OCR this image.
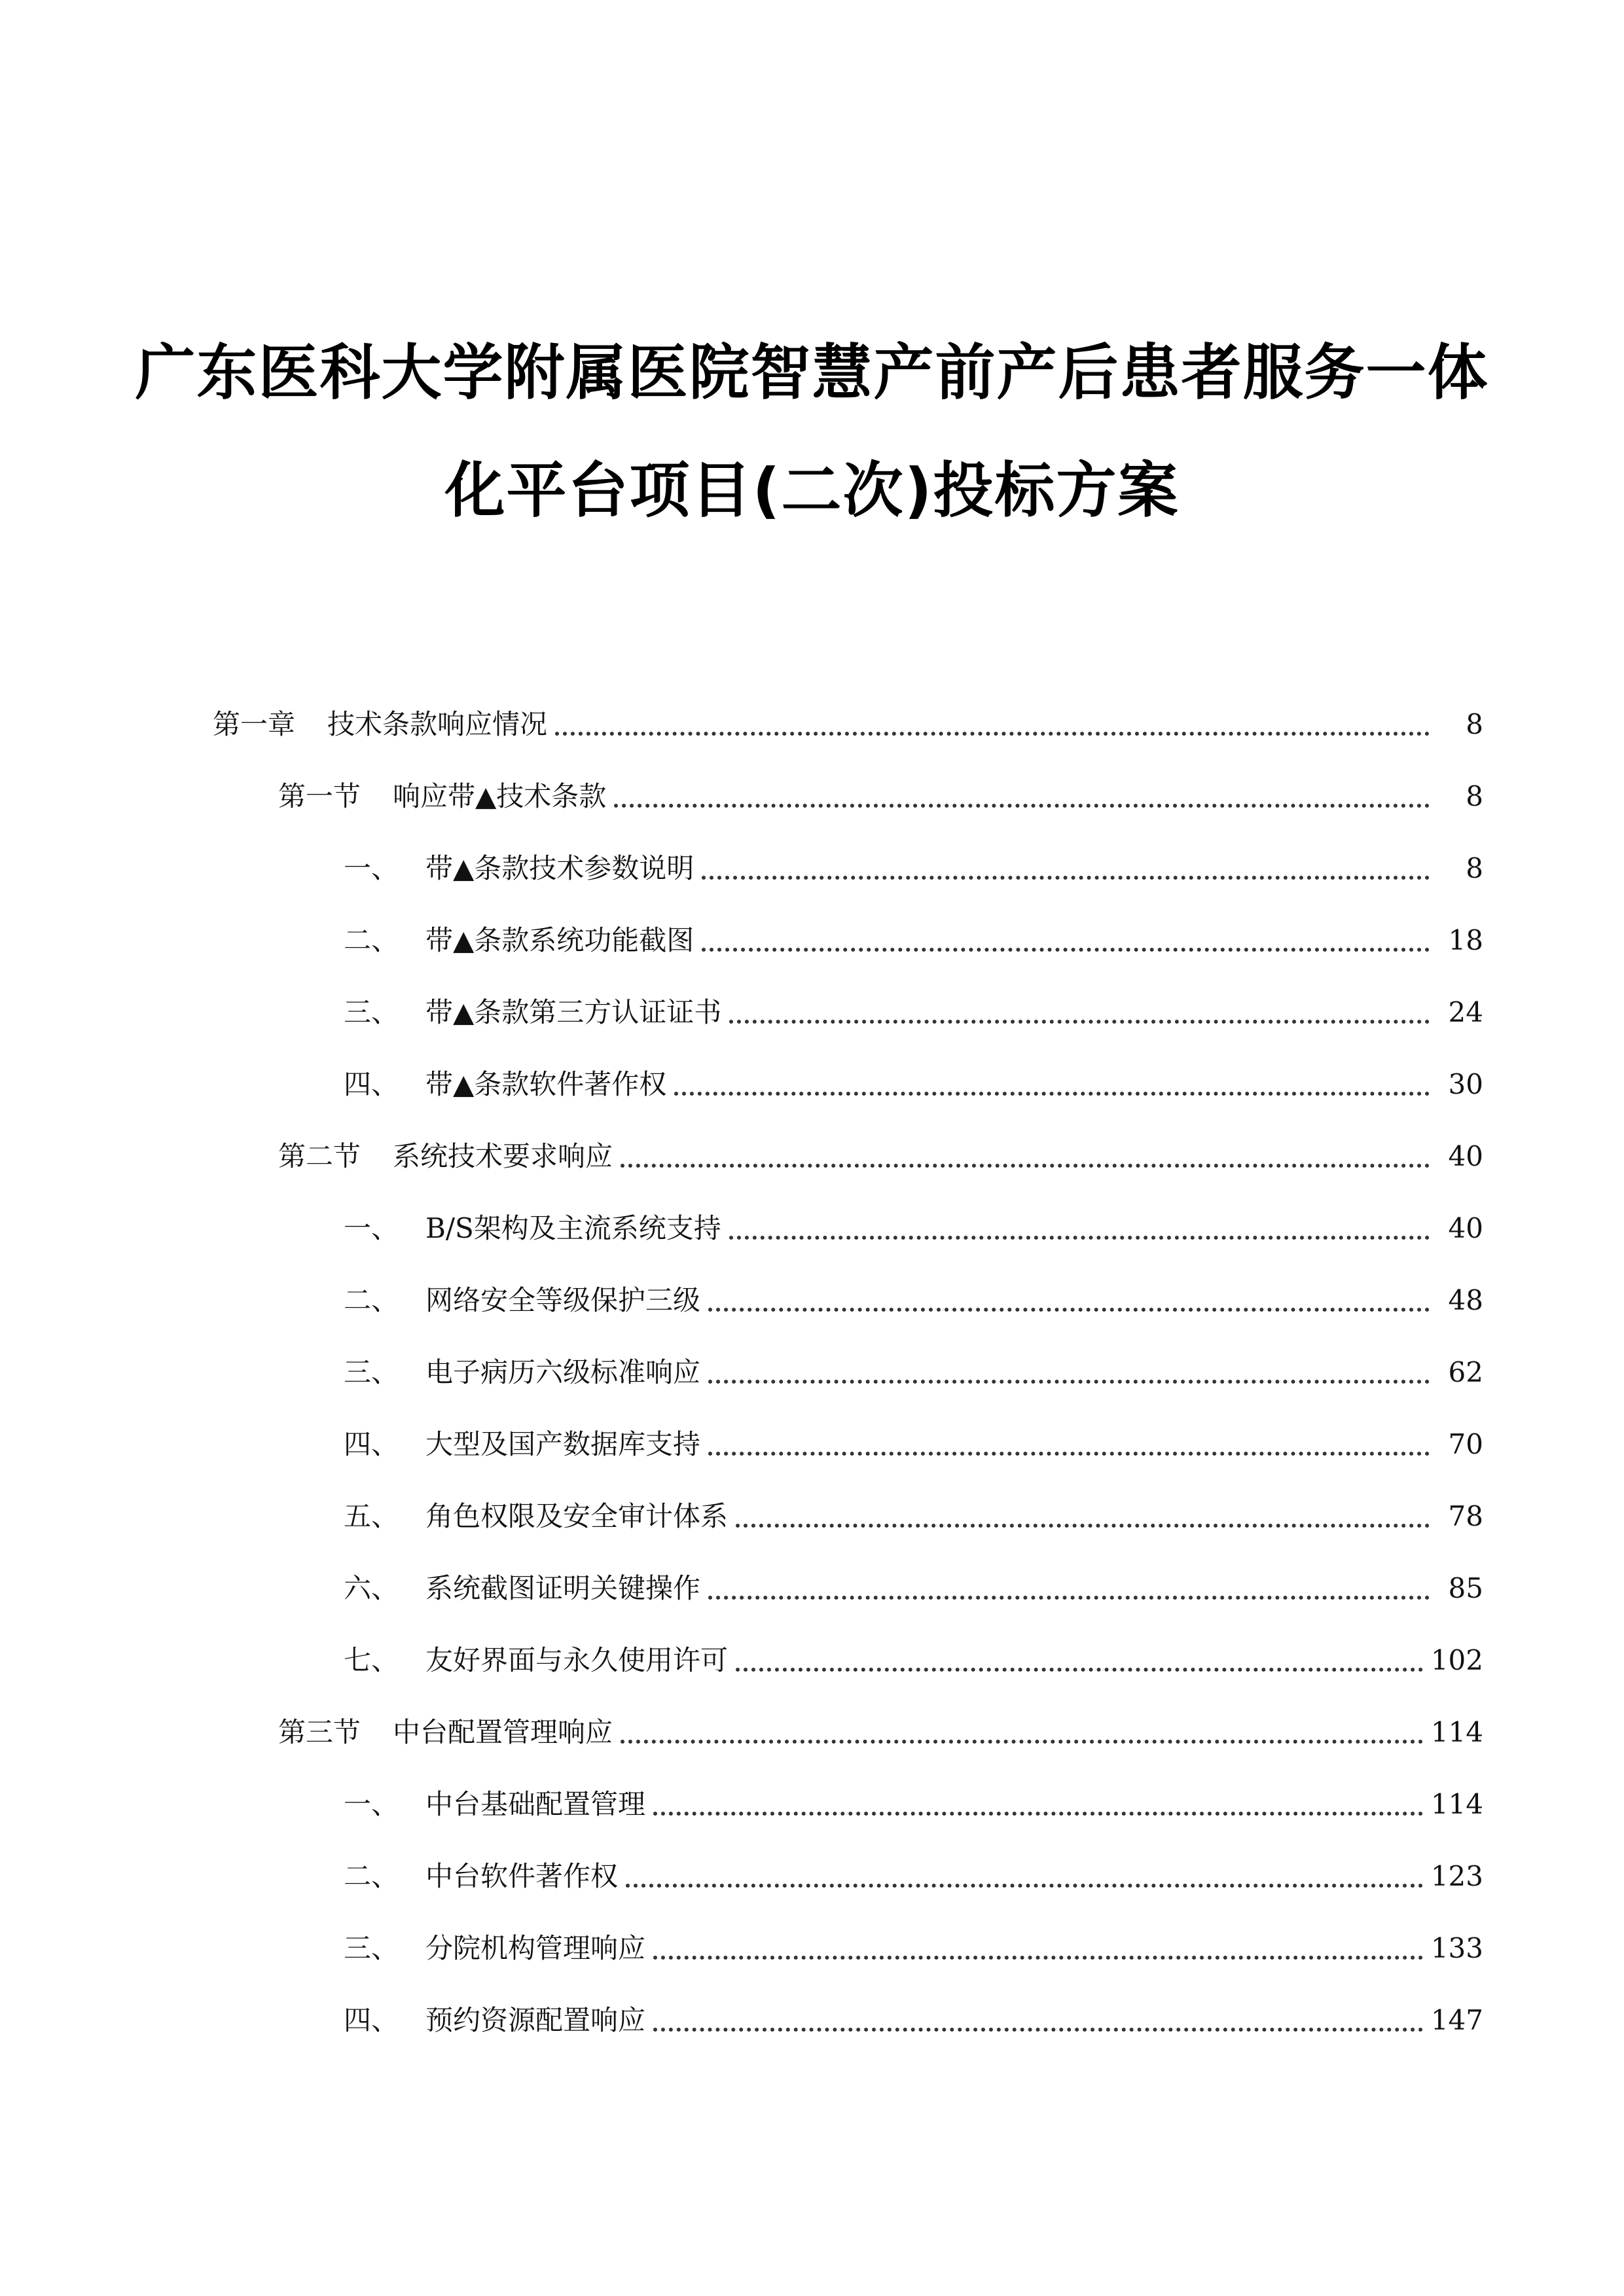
广东医科大学附属医院智慧产前产后患者服务一体
化平台项目(二次)投标方案
第一章	技术条款响应情况	8
第一节	响应带▲技术条款	8
一、 带▲条款技术参数说明	8
二、 带▲条款系统功能截图	18
三、 带▲条款第三方认证证书	24
四、 带▲条款软件著作权	30
第二节	系统技术要求响应	40
一、 B/S架构及主流系统支持	40
二、 网络安全等级保护三级	48
三、 电子病历六级标准响应	62
四、 大型及国产数据库支持	70
五、 角色权限及安全审计体系	78
六、 系统截图证明关键操作	85
七、 友好界面与永久使用许可	102
第三节	中台配置管理响应	114
一、 中台基础配置管理	114
二、 中台软件著作权	123
三、 分院机构管理响应	133
四、 预约资源配置响应	147
